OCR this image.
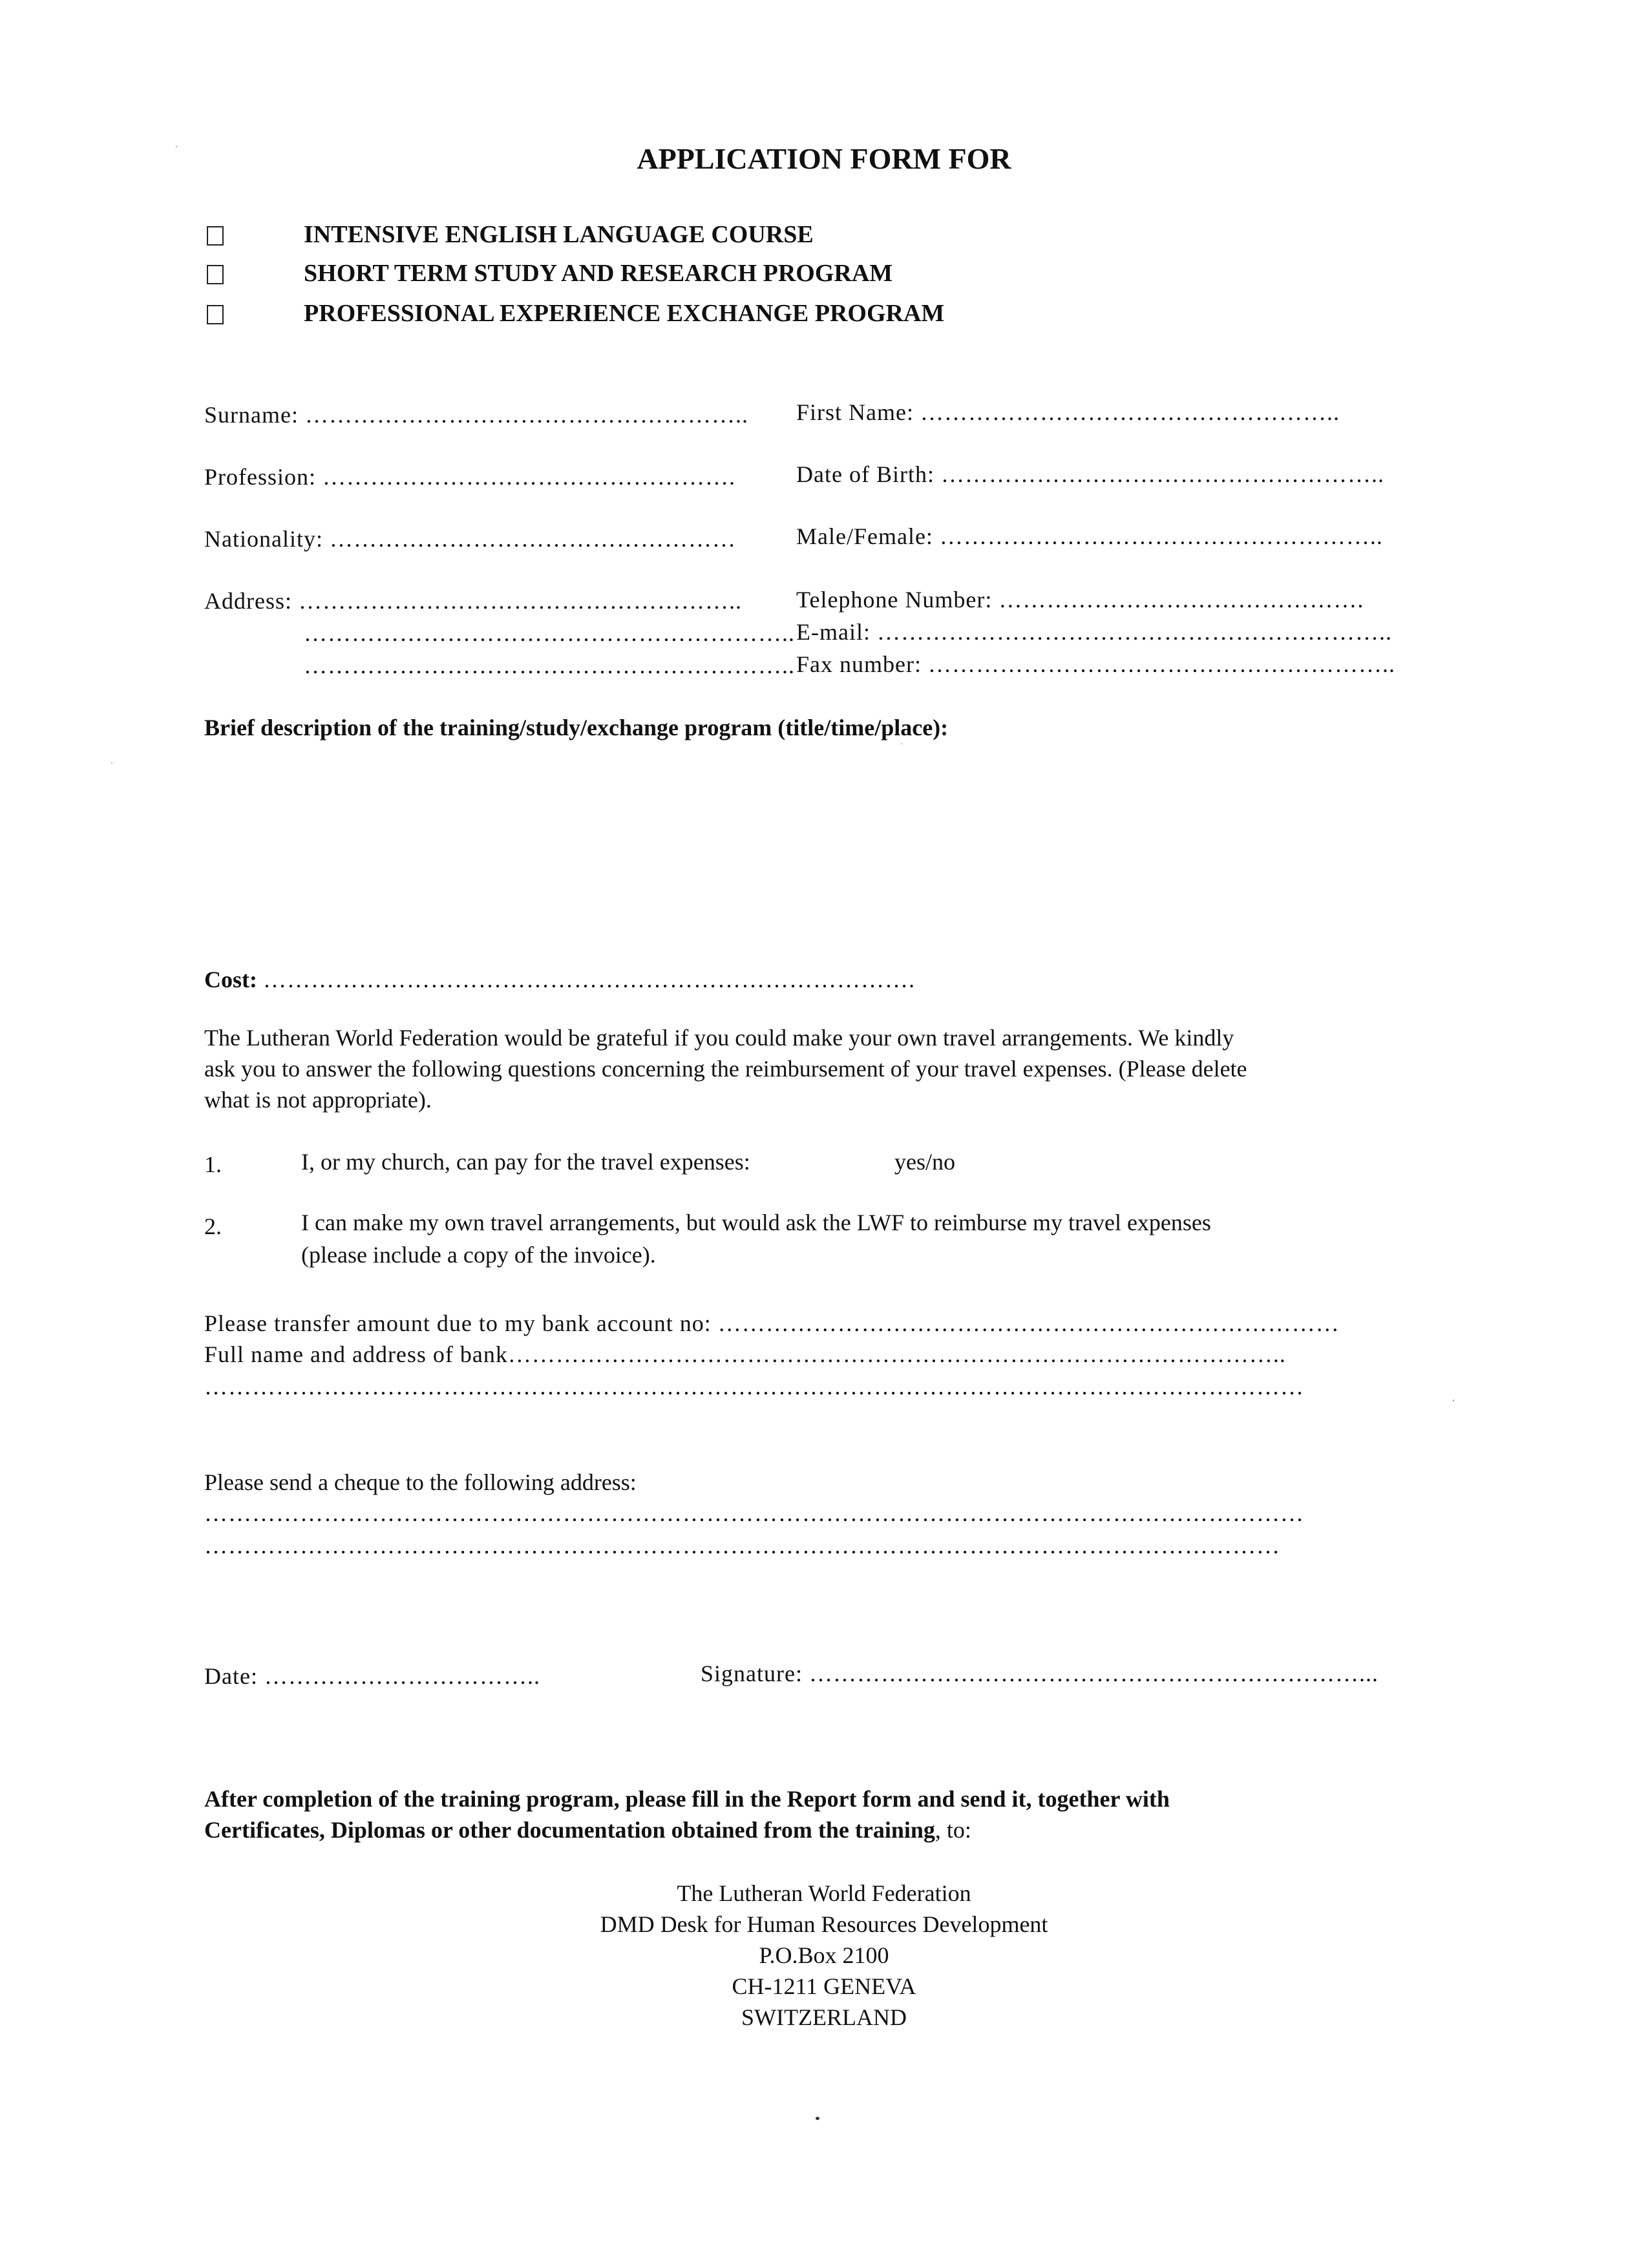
APPLICATION FORM FOR
INTENSIVE ENGLISH LANGUAGE COURSE
SHORT TERM STUDY AND RESEARCH PROGRAM
PROFESSIONAL EXPERIENCE EXCHANGE PROGRAM
Surname: ……………………………………………….. First Name: ……………………………………………..
Profession: …………………………………………….	Date of Birth: ………………………………………………..
Nationality: ……………………………………………	Male/Female: ………………………………………………..
Address: ………………………………………………..
……………………………………………………..
……………………………………………………..
Telephone Number: ……………………………………….
E-mail: ………………………………………………………..
Fax number: …………………………………………………..
Brief description of the training/study/exchange program (title/time/place):
Cost: ……………………………………………………………………….
The Lutheran World Federation would be grateful if you could make your own travel arrangements. We kindly
ask you to answer the following questions concerning the reimbursement of your travel expenses. (Please delete
what is not appropriate).
1.	I, or my church, can pay for the travel expenses:	yes/no
2.	I can make my own travel arrangements, but would ask the LWF to reimburse my travel expenses
(please include a copy of the invoice).
Please transfer amount due to my bank account no: ……………………………………………………………………
Full name and address of bank……………………………………………………………………………………..
…………………………………………………………………………………………………………………………
Please send a cheque to the following address:
…………………………………………………………………………………………………………………………
………………………………………………………………………………………………………………………
Date: ……………………………..	Signature: ……………………………………………………………...
After completion of the training program, please fill in the Report form and send it, together with
Certificates, Diplomas or other documentation obtained from the training, to:
The Lutheran World Federation
DMD Desk for Human Resources Development
P.O.Box 2100
CH-1211 GENEVA
SWITZERLAND
